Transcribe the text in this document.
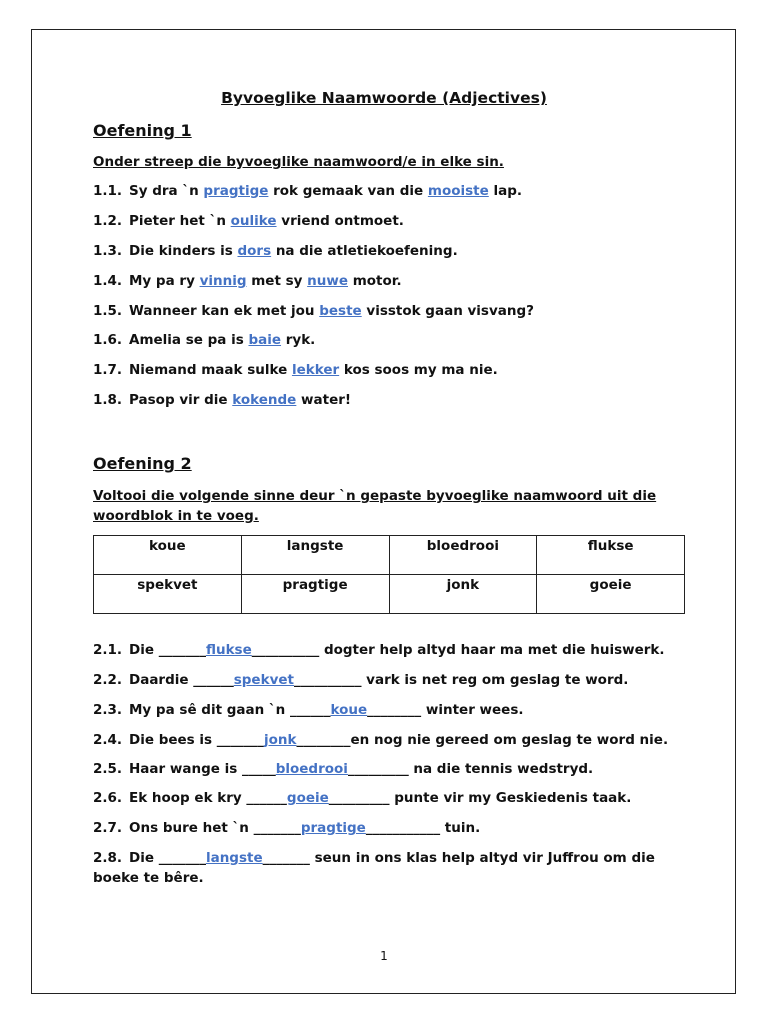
Byvoeglike Naamwoorde (Adjectives)
Oefening 1
Onder streep die byvoeglike naamwoord/e in elke sin.
1.1. Sy dra `n pragtige rok gemaak van die mooiste lap.
1.2. Pieter het `n oulike vriend ontmoet.
1.3. Die kinders is dors na die atletiekoefening.
1.4. My pa ry vinnig met sy nuwe motor.
1.5. Wanneer kan ek met jou beste visstok gaan visvang?
1.6. Amelia se pa is baie ryk.
1.7. Niemand maak sulke lekker kos soos my ma nie.
1.8. Pasop vir die kokende water!
Oefening 2
Voltooi die volgende sinne deur `n gepaste byvoeglike naamwoord uit die woordblok in te voeg.
koue	langste	bloedrooi	flukse
spekvet	pragtige	jonk	goeie
2.1. Die _______flukse__________ dogter help altyd haar ma met die huiswerk.
2.2. Daardie ______spekvet__________ vark is net reg om geslag te word.
2.3. My pa sê dit gaan `n ______koue________ winter wees.
2.4. Die bees is _______jonk________en nog nie gereed om geslag te word nie.
2.5. Haar wange is _____bloedrooi_________ na die tennis wedstryd.
2.6. Ek hoop ek kry ______goeie_________ punte vir my Geskiedenis taak.
2.7. Ons bure het `n _______pragtige___________ tuin.
2.8. Die _______langste_______ seun in ons klas help altyd vir Juffrou om die boeke te bêre.
1
